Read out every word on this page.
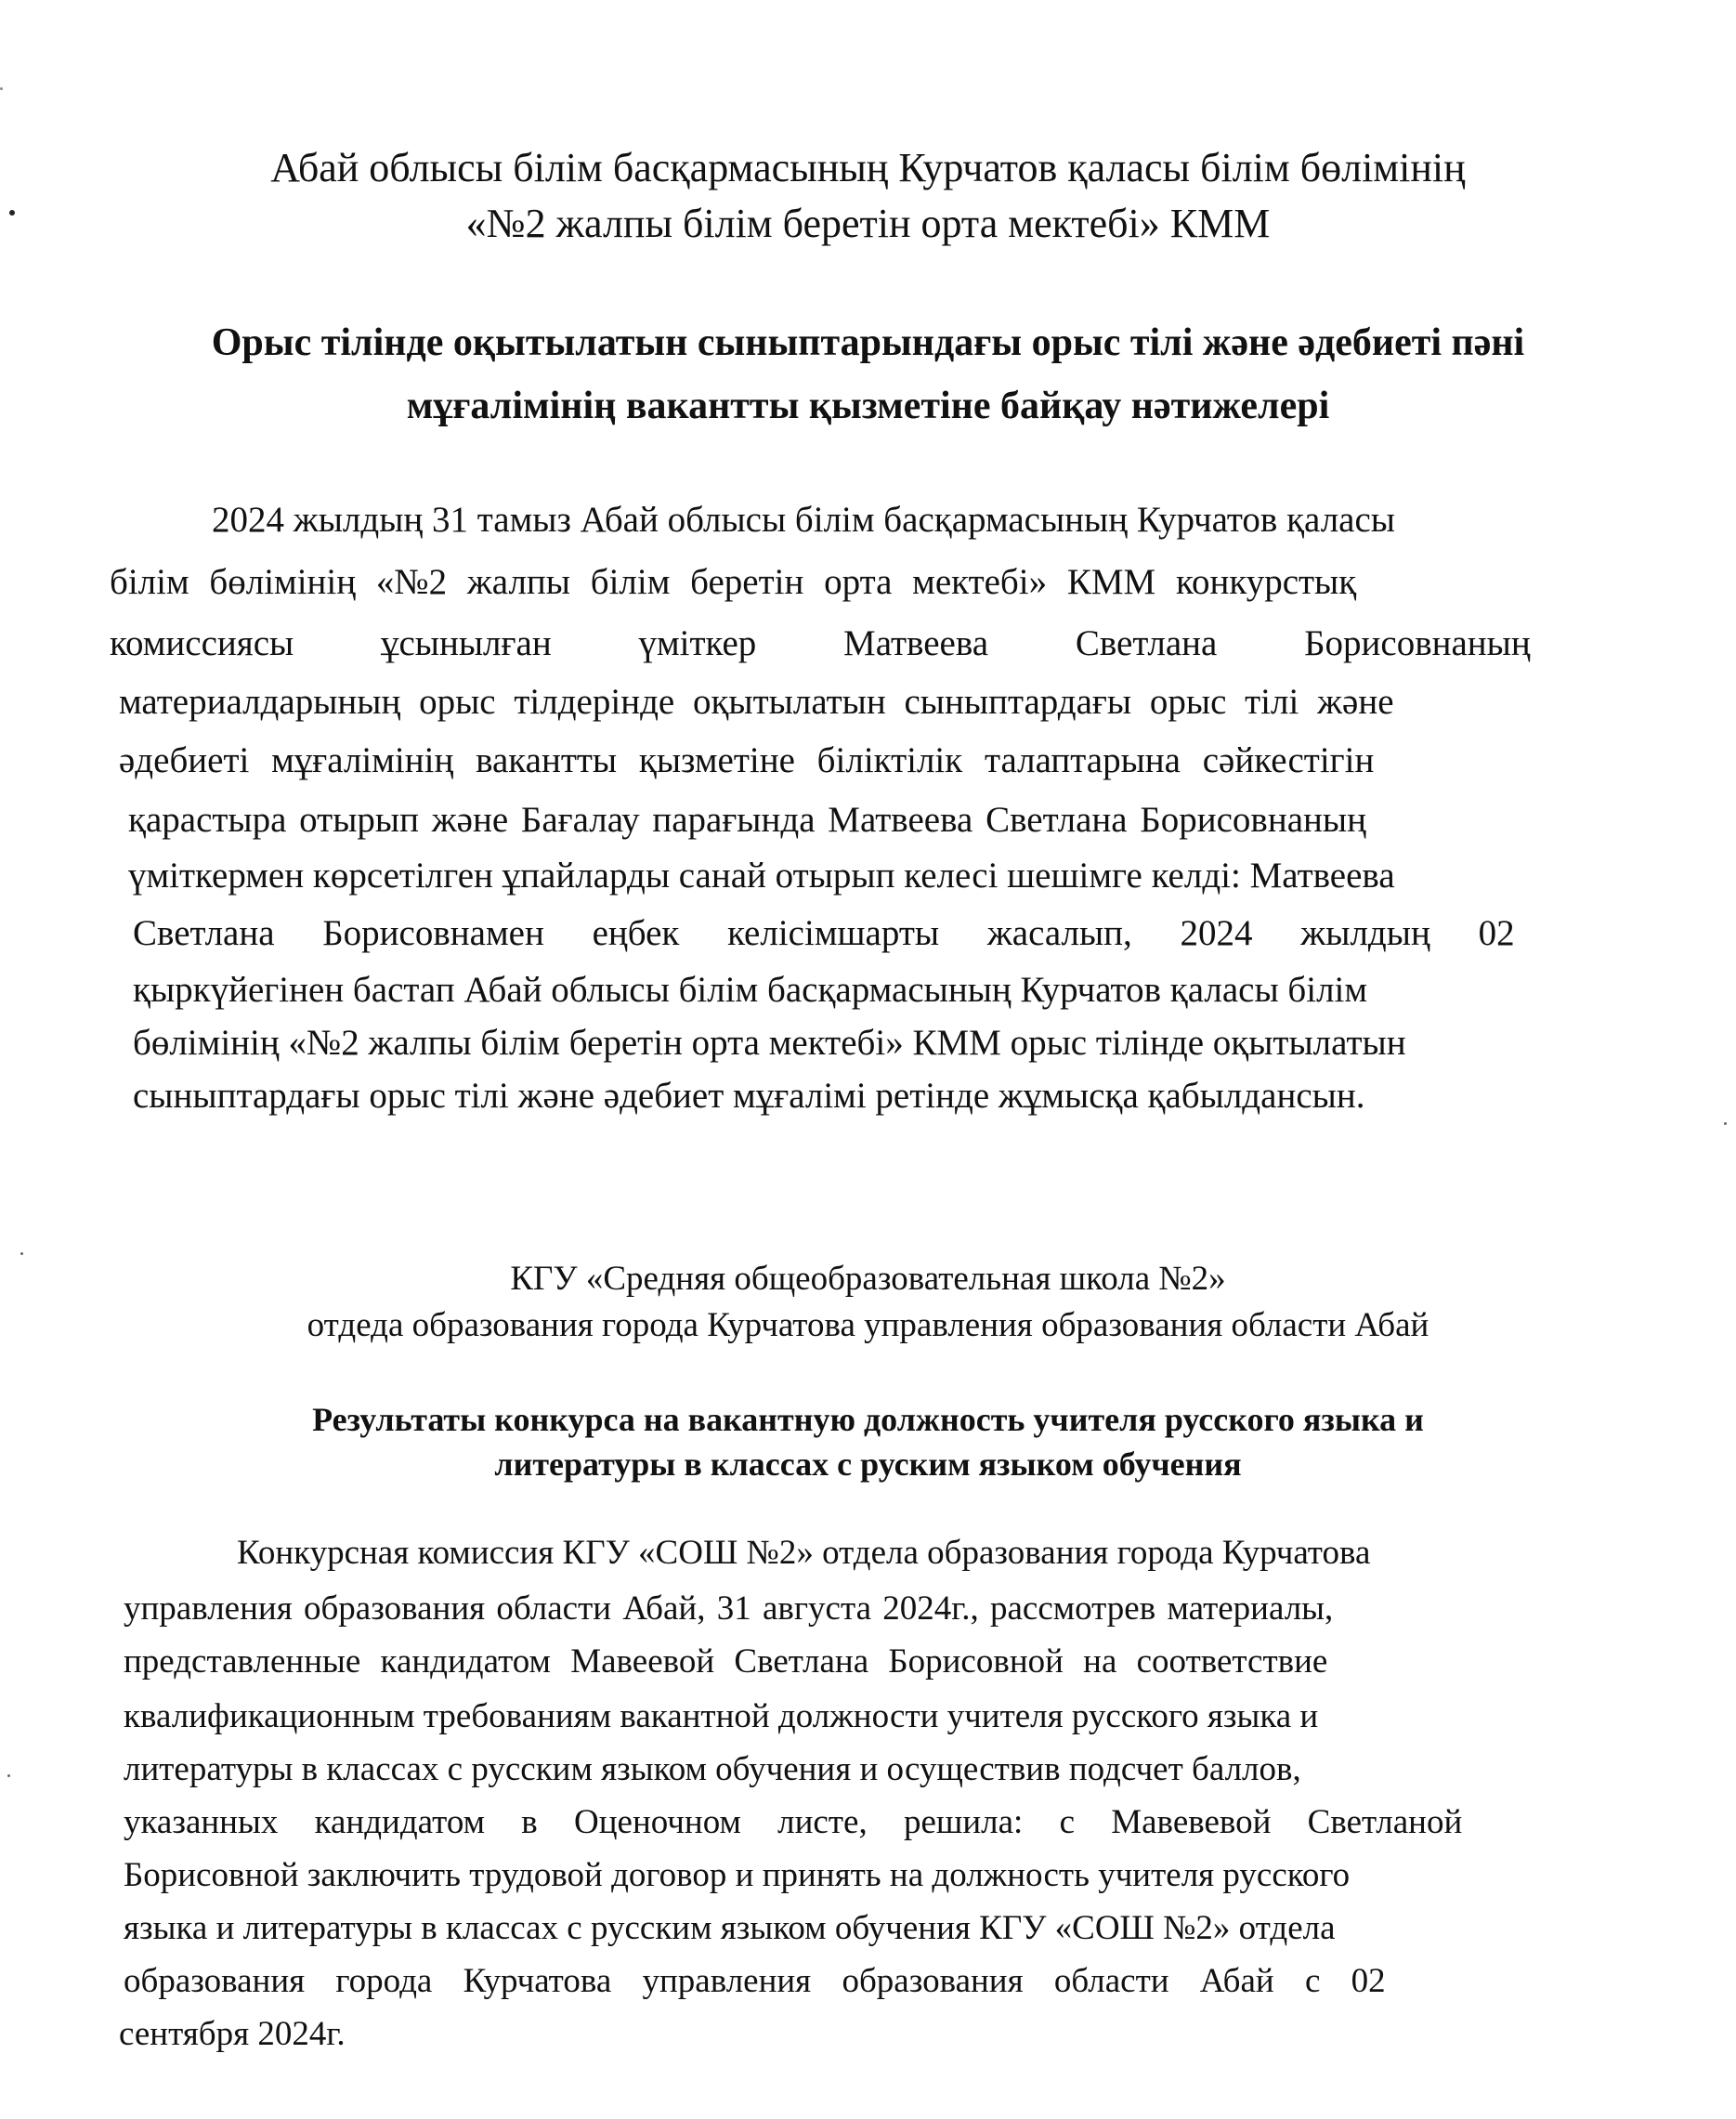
Абай облысы білім басқармасының Курчатов қаласы білім бөлімінің
«№2 жалпы білім беретін орта мектебі» КММ
Орыс тілінде оқытылатын сыныптарындағы орыс тілі және әдебиеті пәні
мұғалімінің вакантты қызметіне байқау нәтижелері
2024 жылдың 31 тамыз Абай облысы білім басқармасының Курчатов қаласы
білім бөлімінің «№2 жалпы білім беретін орта мектебі» КММ конкурстық
комиссиясы ұсынылған үміткер Матвеева Светлана Борисовнаның
материалдарының орыс тілдерінде оқытылатын сыныптардағы орыс тілі және
әдебиеті мұғалімінің вакантты қызметіне біліктілік талаптарына сәйкестігін
қарастыра отырып және Бағалау парағында Матвеева Светлана Борисовнаның
үміткермен көрсетілген ұпайларды санай отырып келесі шешімге келді: Матвеева
Светлана Борисовнамен еңбек келісімшарты жасалып, 2024 жылдың 02
қыркүйегінен бастап Абай облысы білім басқармасының Курчатов қаласы білім
бөлімінің «№2 жалпы білім беретін орта мектебі» КММ орыс тілінде оқытылатын
сыныптардағы орыс тілі және әдебиет мұғалімі ретінде жұмысқа қабылдансын.
КГУ «Средняя общеобразовательная школа №2»
отдеда образования города Курчатова управления образования области Абай
Результаты конкурса на вакантную должность учителя русского языка и
литературы в классах с руским языком обучения
Конкурсная комиссия КГУ «СОШ №2» отдела образования города Курчатова
управления образования области Абай, 31 августа 2024г., рассмотрев материалы,
представленные кандидатом Мавеевой Светлана Борисовной на соответствие
квалификационным требованиям вакантной должности учителя русского языка и
литературы в классах с русским языком обучения и осуществив подсчет баллов,
указанных кандидатом в Оценочном листе, решила: с Мавевевой Светланой
Борисовной заключить трудовой договор и принять на должность учителя русского
языка и литературы в классах с русским языком обучения КГУ «СОШ №2» отдела
образования города Курчатова управления образования области Абай с 02
сентября 2024г.
